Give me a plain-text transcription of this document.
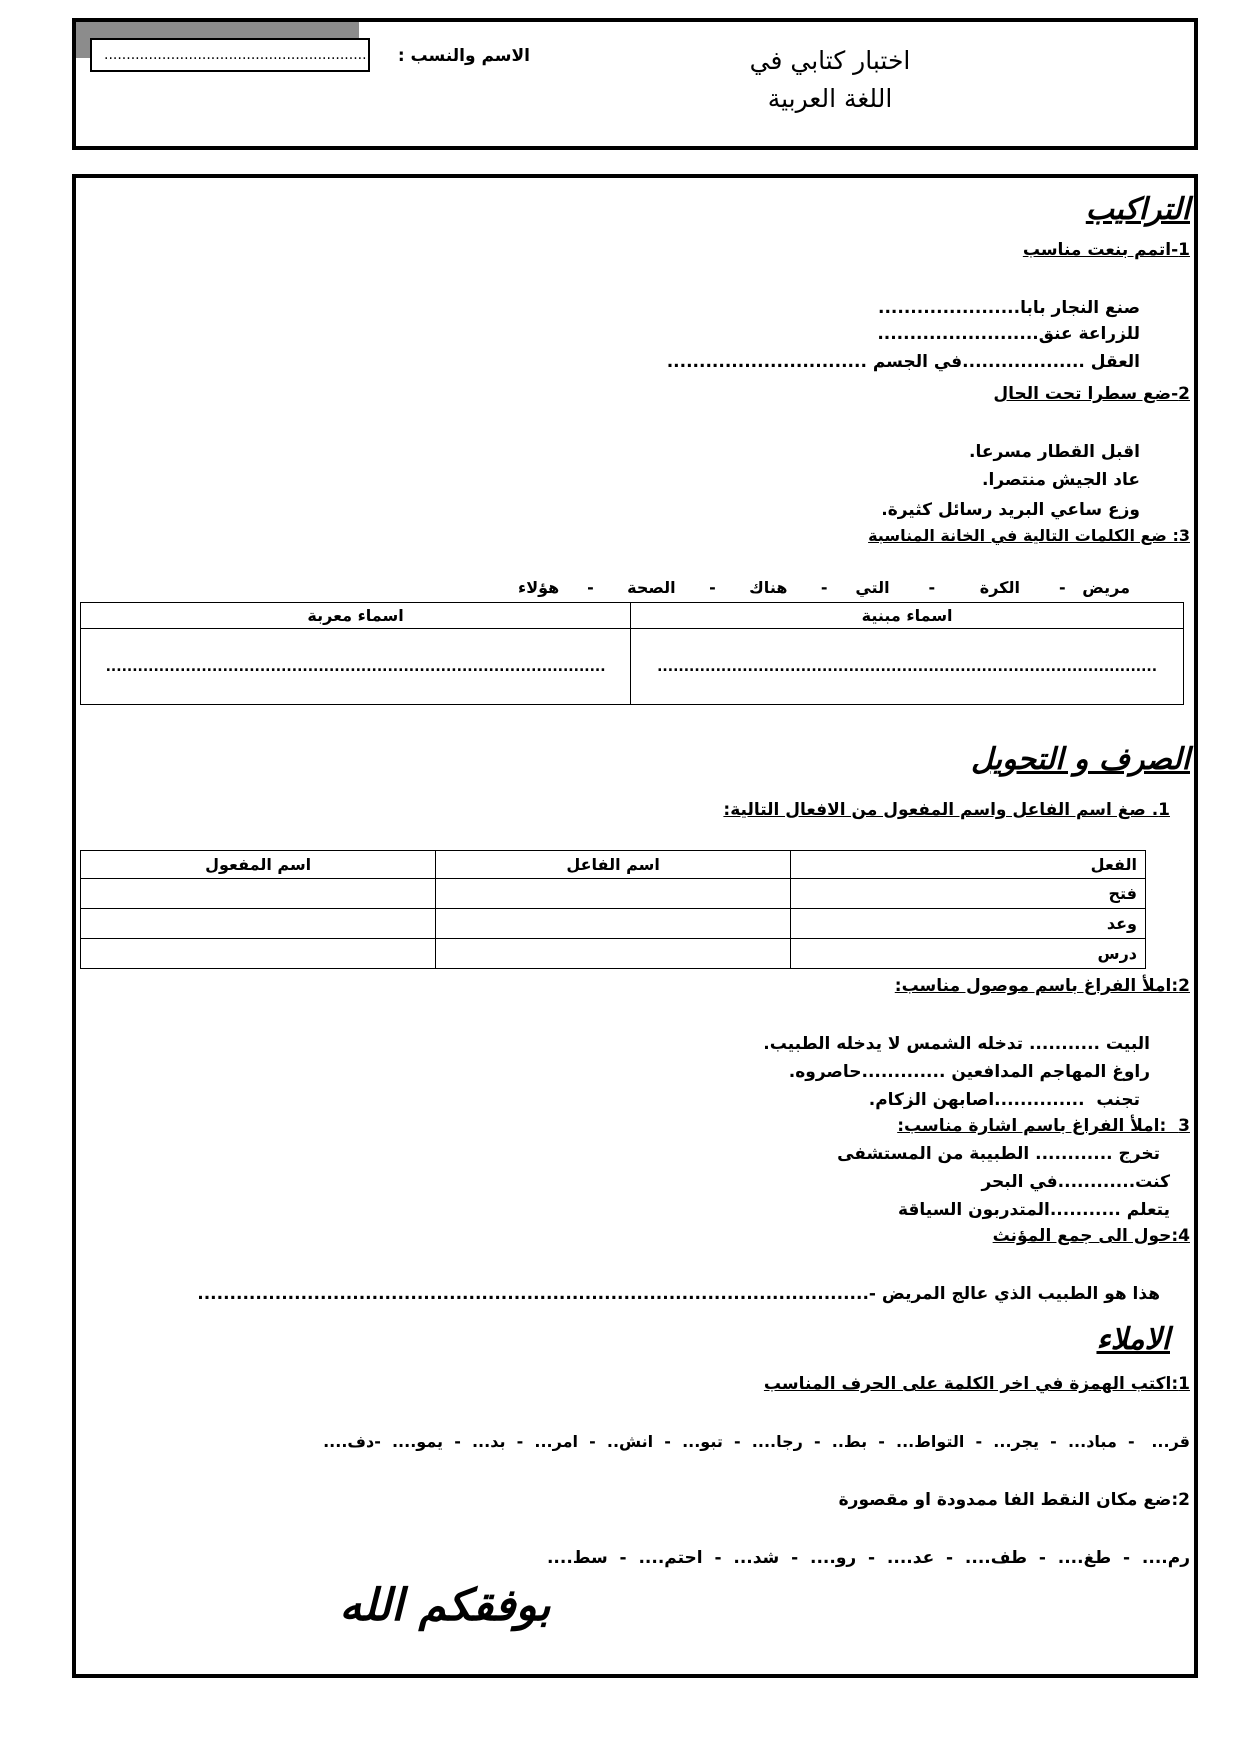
...........................................................	الاسم والنسب :	اختبار كتابي في
اللغة العربية
التراكيب
1-اتمم بنعت مناسب
صنع النجار بابا......................
للزراعة عنق.........................
العقل ...................في الجسم ...............................
2-ضع سطرا تحت الحال
اقبل القطار مسرعا.
عاد الجيش منتصرا.
وزع ساعي البريد رسائل كثيرة.
3: ضع الكلمات التالية في الخانة المناسبة
مريض   -       الكرة        -       التي     -      هناك      -      الصحة      -     هؤلاء
اسماء معربة	اسماء مبنية
..............................................................................................	..............................................................................................
الصرف و التحويل
1. صغ اسم الفاعل واسم المفعول من الافعال التالية:
اسم المفعول	اسم الفاعل	الفعل
		فتح
		وعد
		درس
2:املأ الفراغ باسم موصول مناسب:
البيت ........... تدخله الشمس لا يدخله الطبيب.
راوغ المهاجم المدافعين .............حاصروه.
تجنب  ..............اصابهن الزكام.
3  :املأ الفراغ باسم اشارة مناسب:
تخرج ............ الطبيبة من المستشفى
كنت............في البحر
يتعلم ...........المتدربون السياقة
4:حول الى جمع المؤنث
هذا هو الطبيب الذي عالج المريض -........................................................................................................
الاملاء
1:اكتب الهمزة في اخر الكلمة على الحرف المناسب
قر...   -  مباد...  -  يجر...  -  التواط...  -  بط..  -  رجا....  -  تبو...  -  انش..  -  امر...  -  بد...  -  يمو....  -دف....
2:ضع مكان النقط الفا ممدودة او مقصورة
رم....  -  طغ....  -  طف....  -  عد....  -  رو....  -  شد...  -  احتم....  -  سط....
بوفقكم الله
